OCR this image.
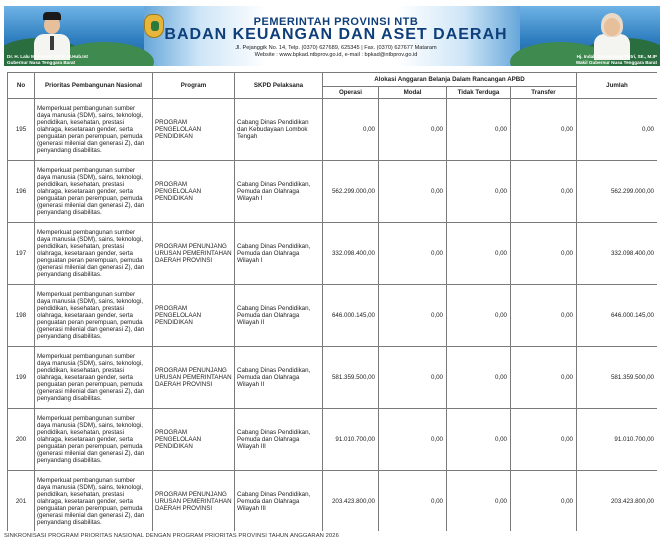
Dr. H. Lalu Muhamad Iqbal, M.Hub.Int
Gubernur Nusa Tenggara Barat
Hj. Indah Dhamayanti Putri, SE., M.IP
Wakil Gubernur Nusa Tenggara Barat
PEMERINTAH PROVINSI NTB
BADAN KEUANGAN DAN ASET DAERAH
Jl. Pejanggik No. 14, Telp. (0370) 627689, 625345 | Fax. (0370) 627677 Mataram
Website : www.bpkad.ntbprov.go.id, e-mail : bpkad@ntbprov.go.id
No	Prioritas Pembangunan Nasional	Program	SKPD Pelaksana	Alokasi Anggaran Belanja Dalam Rancangan APBD				Jumlah
				Operasi	Modal	Tidak Terduga	Transfer	
195	Memperkuat pembangunan sumber daya manusia (SDM), sains, teknologi, pendidikan, kesehatan, prestasi olahraga, kesetaraan gender, serta penguatan peran perempuan, pemuda (generasi milenial dan generasi Z), dan penyandang disabilitas.	PROGRAM PENGELOLAAN PENDIDIKAN	Cabang Dinas Pendidikan dan Kebudayaan Lombok Tengah	0,00	0,00	0,00	0,00	0,00
196	Memperkuat pembangunan sumber daya manusia (SDM), sains, teknologi, pendidikan, kesehatan, prestasi olahraga, kesetaraan gender, serta penguatan peran perempuan, pemuda (generasi milenial dan generasi Z), dan penyandang disabilitas.	PROGRAM PENGELOLAAN PENDIDIKAN	Cabang Dinas Pendidikan, Pemuda dan Olahraga Wilayah I	562.299.000,00	0,00	0,00	0,00	562.299.000,00
197	Memperkuat pembangunan sumber daya manusia (SDM), sains, teknologi, pendidikan, kesehatan, prestasi olahraga, kesetaraan gender, serta penguatan peran perempuan, pemuda (generasi milenial dan generasi Z), dan penyandang disabilitas.	PROGRAM PENUNJANG URUSAN PEMERINTAHAN DAERAH PROVINSI	Cabang Dinas Pendidikan, Pemuda dan Olahraga Wilayah I	332.098.400,00	0,00	0,00	0,00	332.098.400,00
198	Memperkuat pembangunan sumber daya manusia (SDM), sains, teknologi, pendidikan, kesehatan, prestasi olahraga, kesetaraan gender, serta penguatan peran perempuan, pemuda (generasi milenial dan generasi Z), dan penyandang disabilitas.	PROGRAM PENGELOLAAN PENDIDIKAN	Cabang Dinas Pendidikan, Pemuda dan Olahraga Wilayah II	646.000.145,00	0,00	0,00	0,00	646.000.145,00
199	Memperkuat pembangunan sumber daya manusia (SDM), sains, teknologi, pendidikan, kesehatan, prestasi olahraga, kesetaraan gender, serta penguatan peran perempuan, pemuda (generasi milenial dan generasi Z), dan penyandang disabilitas.	PROGRAM PENUNJANG URUSAN PEMERINTAHAN DAERAH PROVINSI	Cabang Dinas Pendidikan, Pemuda dan Olahraga Wilayah II	581.359.500,00	0,00	0,00	0,00	581.359.500,00
200	Memperkuat pembangunan sumber daya manusia (SDM), sains, teknologi, pendidikan, kesehatan, prestasi olahraga, kesetaraan gender, serta penguatan peran perempuan, pemuda (generasi milenial dan generasi Z), dan penyandang disabilitas.	PROGRAM PENGELOLAAN PENDIDIKAN	Cabang Dinas Pendidikan, Pemuda dan Olahraga Wilayah III	91.010.700,00	0,00	0,00	0,00	91.010.700,00
201	Memperkuat pembangunan sumber daya manusia (SDM), sains, teknologi, pendidikan, kesehatan, prestasi olahraga, kesetaraan gender, serta penguatan peran perempuan, pemuda (generasi milenial dan generasi Z), dan penyandang disabilitas.	PROGRAM PENUNJANG URUSAN PEMERINTAHAN DAERAH PROVINSI	Cabang Dinas Pendidikan, Pemuda dan Olahraga Wilayah III	203.423.800,00	0,00	0,00	0,00	203.423.800,00
SINKRONISASI PROGRAM PRIORITAS NASIONAL DENGAN PROGRAM PRIORITAS PROVINSI TAHUN ANGGARAN 2026
